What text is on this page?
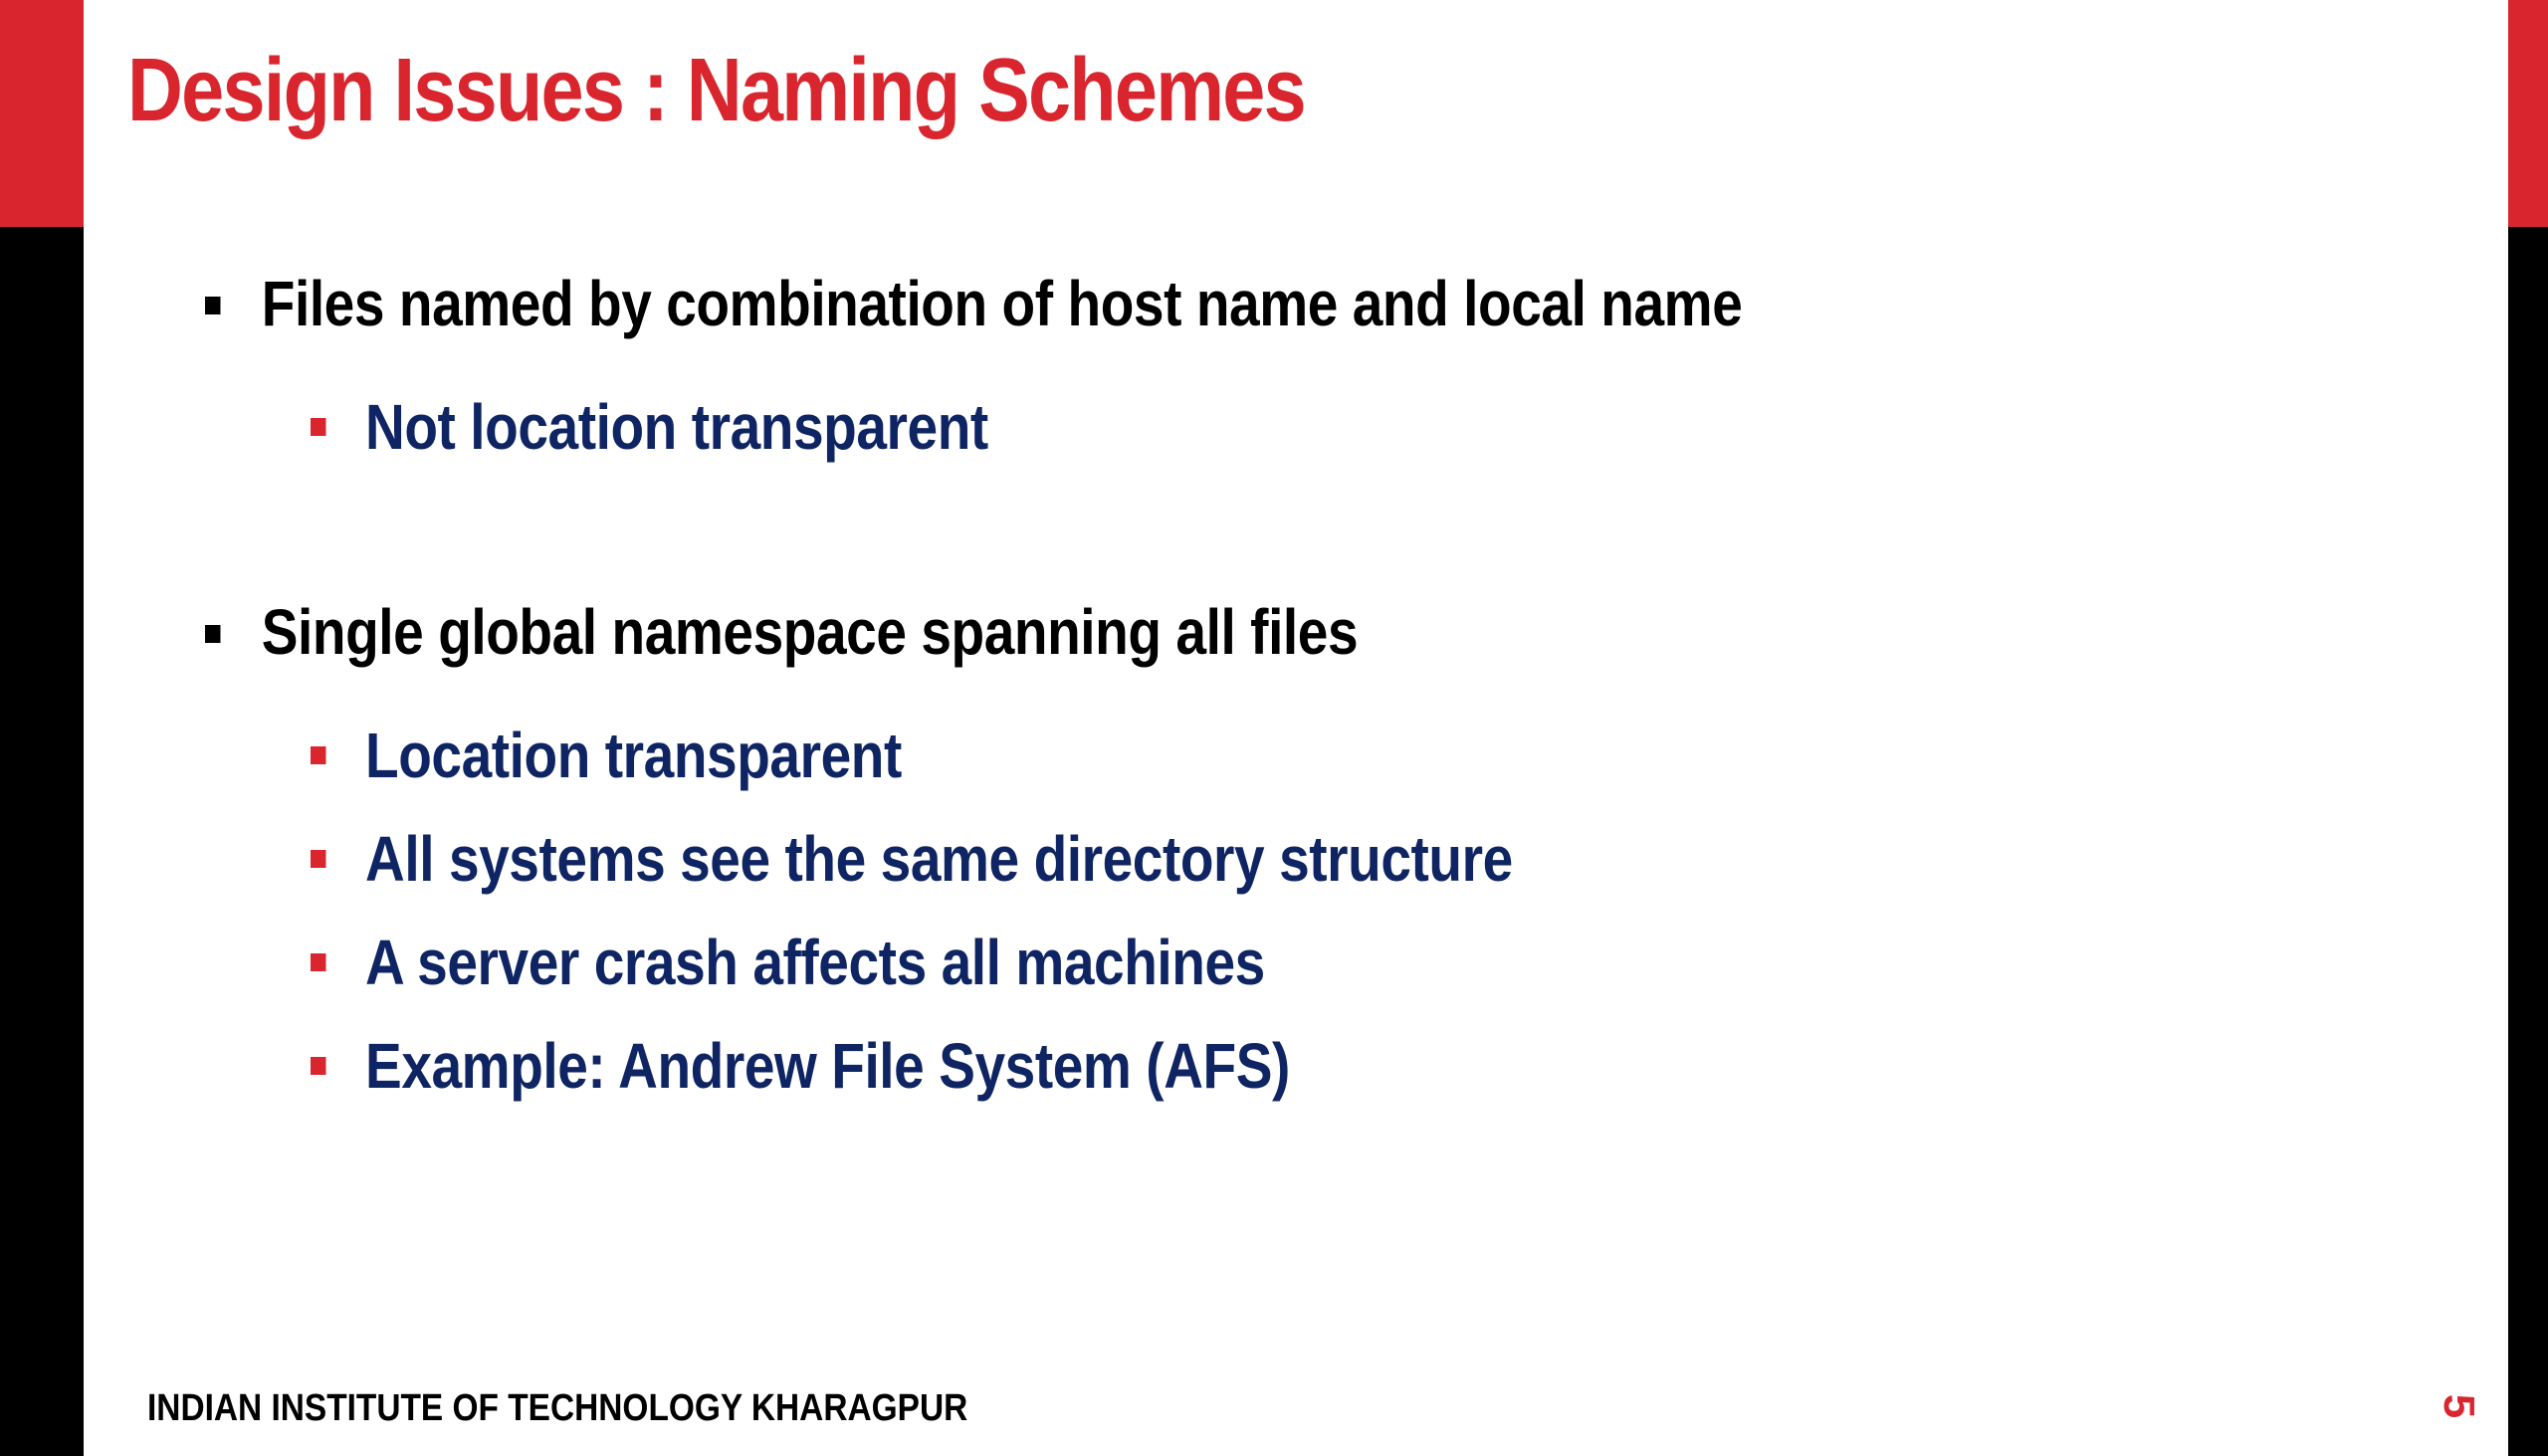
Design Issues : Naming Schemes
Files named by combination of host name and local name
Not location transparent
Single global namespace spanning all files
Location transparent
All systems see the same directory structure
A server crash affects all machines
Example: Andrew File System (AFS)
INDIAN INSTITUTE OF TECHNOLOGY KHARAGPUR	5
